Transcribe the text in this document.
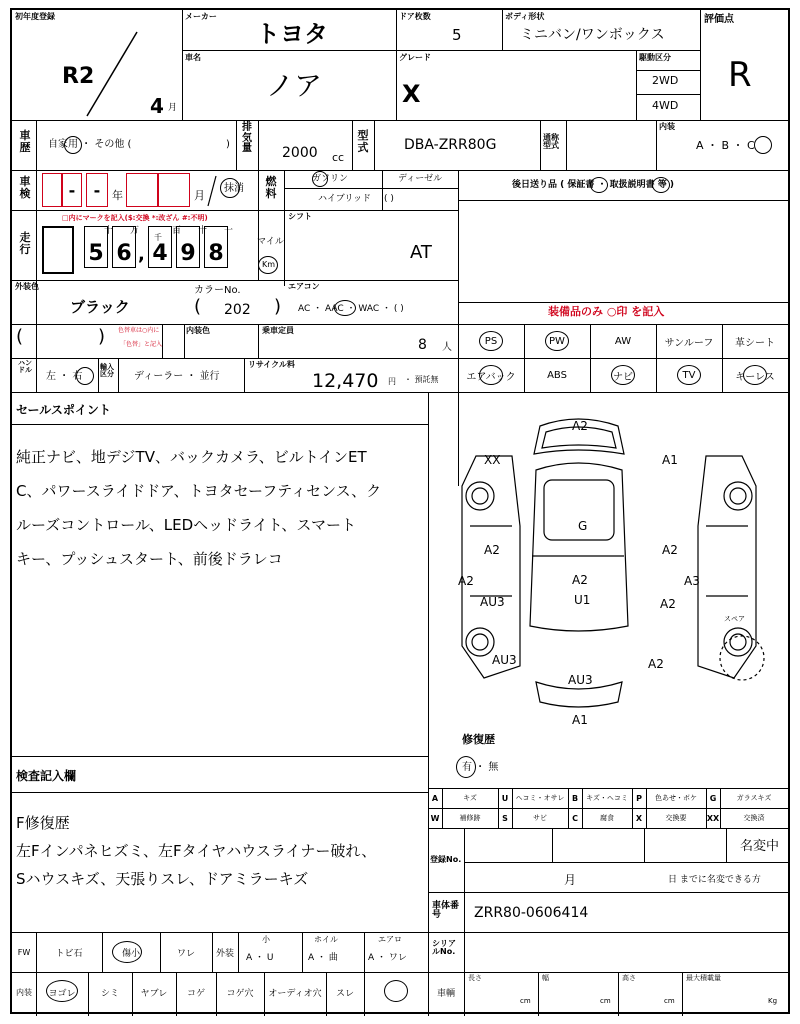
初年度登録
R2
4 月
メーカー
トヨタ
ドア枚数
5
ボディ形状
ミニバン/ワンボックス
評価点
R
車名
ノア
グレード
X
駆動区分
2WD
4WD
車歴 自家用 ・ その他 (	)
排気量 2000 cc
型式	DBA-ZRR80G	通称型式
内装
A ・ B ・ C
車検 - - 年	月
抹消
燃料
ガソリン	ディーゼル
ハイブリッド ( )
後日送り品 ( 保証書 ・ 取扱説明書 等 )
走行
□内にマークを記入($:交換 *:改ざん #:不明)
5 6 , 4 9 8
十 万
千
百 十 一
マイル
Km
シフト
AT
外装色
ブラック
カラーNo.
( 202 )
エアコン
AC ・ AAC ・ WAC ・ ( )	装備品のみ ○印 を記入
(	) 色替車は○内に
「色替」と記入
内装色	乗車定員
8 人
PS	PW	AW	サンルーフ	革シート
ハンドル
左 ・ 右
輸入区分	ディーラー ・ 並行
リサイクル料
12,470 円 ・ 預託無	エアバック	ABS	ナビ	TV	キーレス
セールスポイント
純正ナビ、地デジTV、バックカメラ、ビルトインET
C、パワースライドドア、トヨタセーフティセンス、ク
ルーズコントロール、LEDヘッドライト、スマート
キー、プッシュスタート、前後ドラレコ
A2
XX	A1
G
A2	A2
A2	A3
A2
U1
AU3	A2
AU3	A2
AU3
A1
スペア
修復歴
有 ・ 無
検査記入欄
F修復歴
左Fインパネヒズミ、左Fタイヤハウスライナー破れ、
Sハウスキズ、天張りスレ、ドアミラーキズ
A	キズ	U	ヘコミ・オサレ B	キズ・ヘコミ	P	色あせ・ボケ	G	ガラスキズ
W	補修跡	S	サビ	C	腐食	X	交換要	XX	交換済
登録No.
名変中
月	日 までに名変できる方
車体番号	ZRR80-0606414
FW	トビ石	傷小	ワレ	外装
小
A ・ U
ホイル
A ・ 曲
エアロ
A ・ ワレ
シリアルNo.
内装	ヨゴレ	シミ	ヤブレ	コゲ	コゲ穴	オーディオ穴	スレ	車輌
長さ	幅	高さ	最大積載量
cm	cm	cm	Kg
